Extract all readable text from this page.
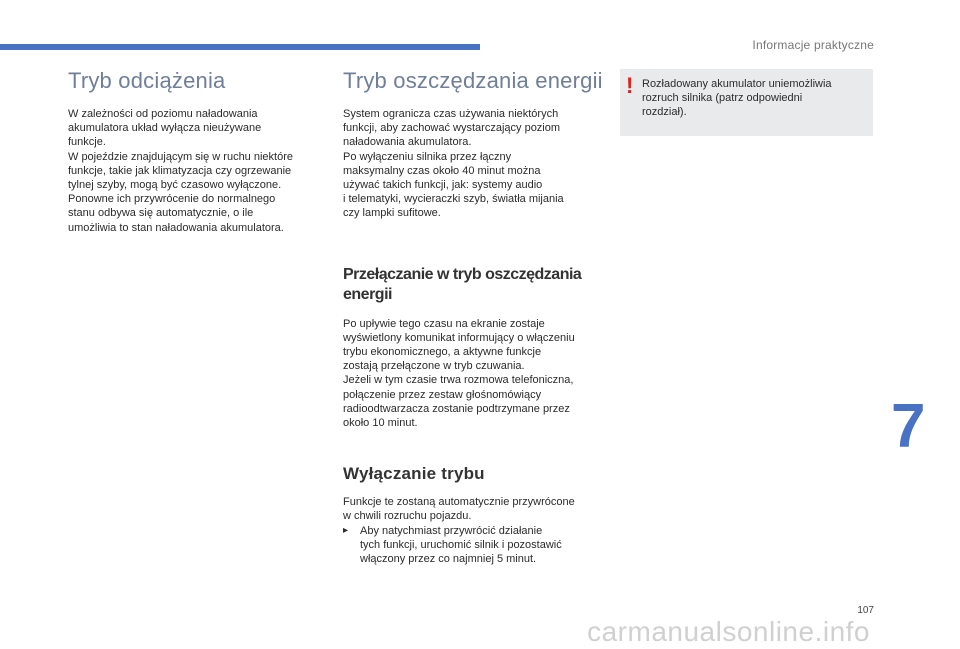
Informacje praktyczne
Tryb odciążenia

W zależności od poziomu naładowania
akumulatora układ wyłącza nieużywane
funkcje.
W pojeździe znajdującym się w ruchu niektóre
funkcje, takie jak klimatyzacja czy ogrzewanie
tylnej szyby, mogą być czasowo wyłączone.
Ponowne ich przywrócenie do normalnego
stanu odbywa się automatycznie, o ile
umożliwia to stan naładowania akumulatora.

Tryb oszczędzania energii

System ogranicza czas używania niektórych
funkcji, aby zachować wystarczający poziom
naładowania akumulatora.
Po wyłączeniu silnika przez łączny
maksymalny czas około 40 minut można
używać takich funkcji, jak: systemy audio
i telematyki, wycieraczki szyb, światła mijania
czy lampki sufitowe.

Przełączanie w tryb oszczędzania energii

Po upływie tego czasu na ekranie zostaje
wyświetlony komunikat informujący o włączeniu
trybu ekonomicznego, a aktywne funkcje
zostają przełączone w tryb czuwania.
Jeżeli w tym czasie trwa rozmowa telefoniczna,
połączenie przez zestaw głośnomówiący
radioodtwarzacza zostanie podtrzymane przez
około 10 minut.

Wyłączanie trybu

Funkcje te zostaną automatycznie przywrócone
w chwili rozruchu pojazdu.

▸	Aby natychmiast przywrócić działanie
tych funkcji, uruchomić silnik i pozostawić
włączony przez co najmniej 5 minut.
! Rozładowany akumulator uniemożliwia
rozruch silnika (patrz odpowiedni
rozdział).
7
107
carmanualsonline.info
